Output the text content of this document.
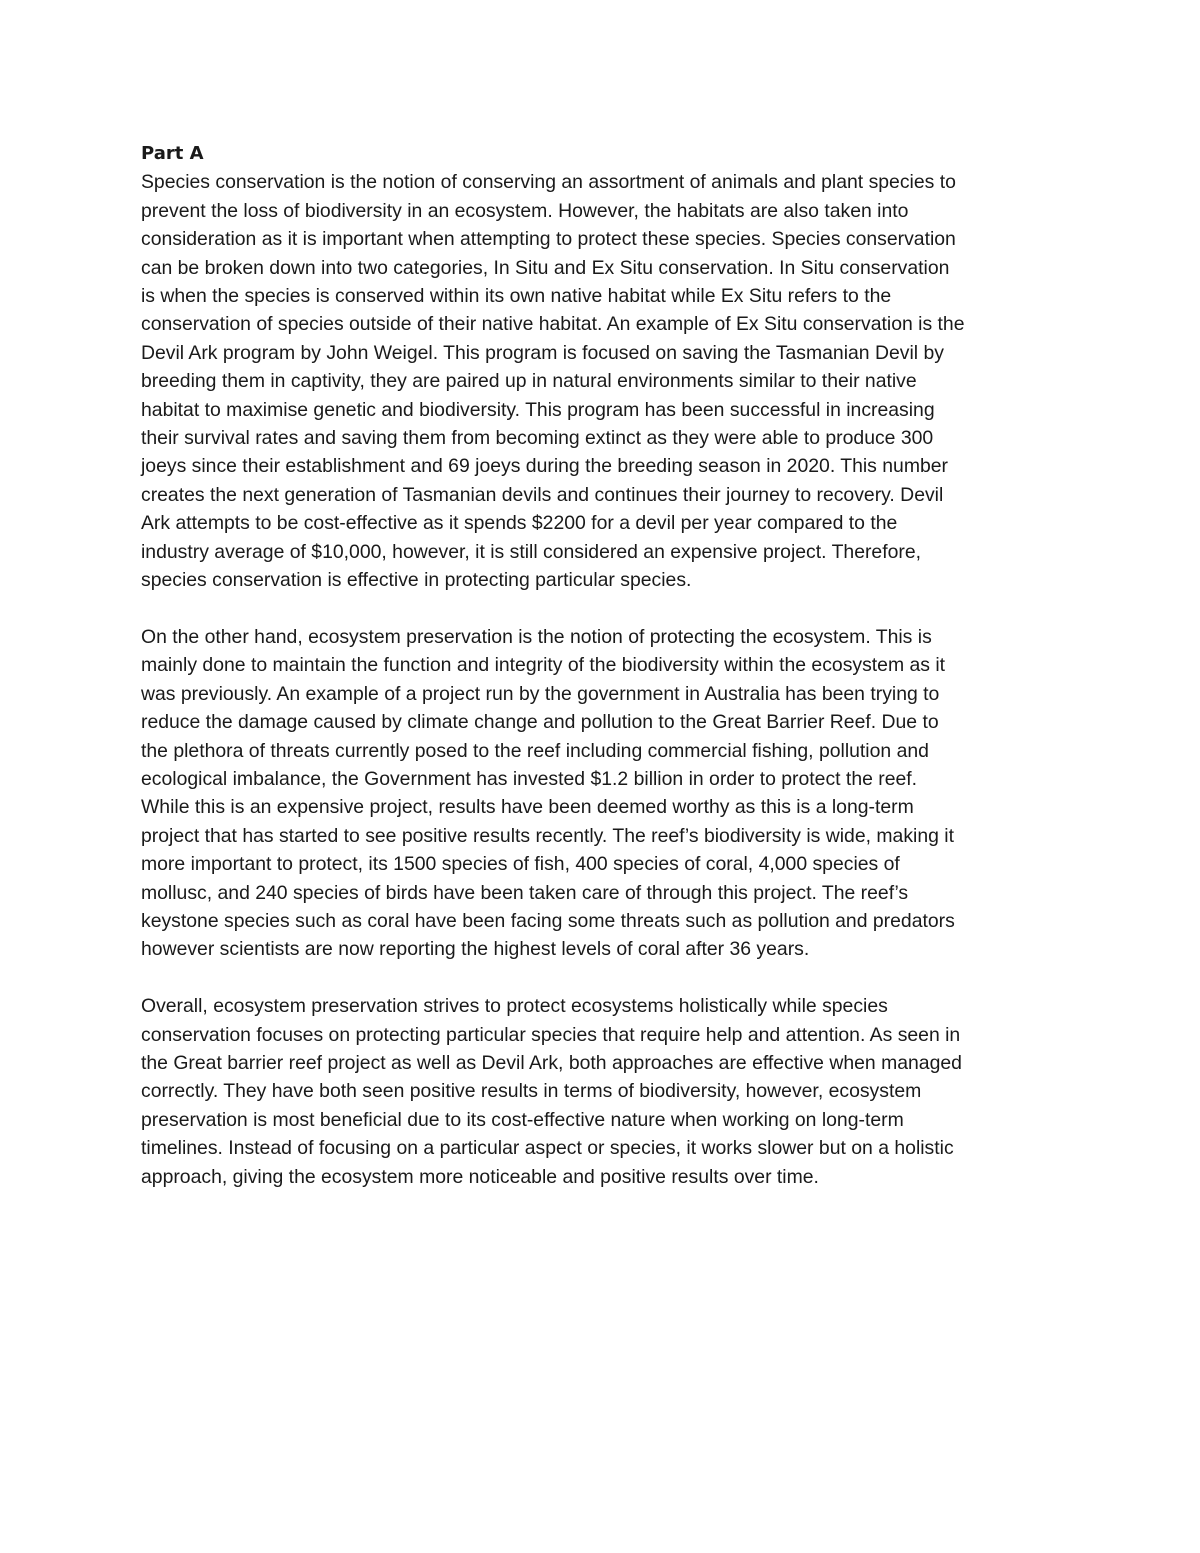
Part A

Species conservation is the notion of conserving an assortment of animals and plant species to
prevent the loss of biodiversity in an ecosystem. However, the habitats are also taken into
consideration as it is important when attempting to protect these species. Species conservation
can be broken down into two categories, In Situ and Ex Situ conservation. In Situ conservation
is when the species is conserved within its own native habitat while Ex Situ refers to the
conservation of species outside of their native habitat. An example of Ex Situ conservation is the
Devil Ark program by John Weigel. This program is focused on saving the Tasmanian Devil by
breeding them in captivity, they are paired up in natural environments similar to their native
habitat to maximise genetic and biodiversity. This program has been successful in increasing
their survival rates and saving them from becoming extinct as they were able to produce 300
joeys since their establishment and 69 joeys during the breeding season in 2020. This number
creates the next generation of Tasmanian devils and continues their journey to recovery. Devil
Ark attempts to be cost-effective as it spends $2200 for a devil per year compared to the
industry average of $10,000, however, it is still considered an expensive project. Therefore,
species conservation is effective in protecting particular species.

On the other hand, ecosystem preservation is the notion of protecting the ecosystem. This is
mainly done to maintain the function and integrity of the biodiversity within the ecosystem as it
was previously. An example of a project run by the government in Australia has been trying to
reduce the damage caused by climate change and pollution to the Great Barrier Reef. Due to
the plethora of threats currently posed to the reef including commercial fishing, pollution and
ecological imbalance, the Government has invested $1.2 billion in order to protect the reef.
While this is an expensive project, results have been deemed worthy as this is a long-term
project that has started to see positive results recently. The reef’s biodiversity is wide, making it
more important to protect, its 1500 species of fish, 400 species of coral, 4,000 species of
mollusc, and 240 species of birds have been taken care of through this project. The reef’s
keystone species such as coral have been facing some threats such as pollution and predators
however scientists are now reporting the highest levels of coral after 36 years.

Overall, ecosystem preservation strives to protect ecosystems holistically while species
conservation focuses on protecting particular species that require help and attention. As seen in
the Great barrier reef project as well as Devil Ark, both approaches are effective when managed
correctly. They have both seen positive results in terms of biodiversity, however, ecosystem
preservation is most beneficial due to its cost-effective nature when working on long-term
timelines. Instead of focusing on a particular aspect or species, it works slower but on a holistic
approach, giving the ecosystem more noticeable and positive results over time.
